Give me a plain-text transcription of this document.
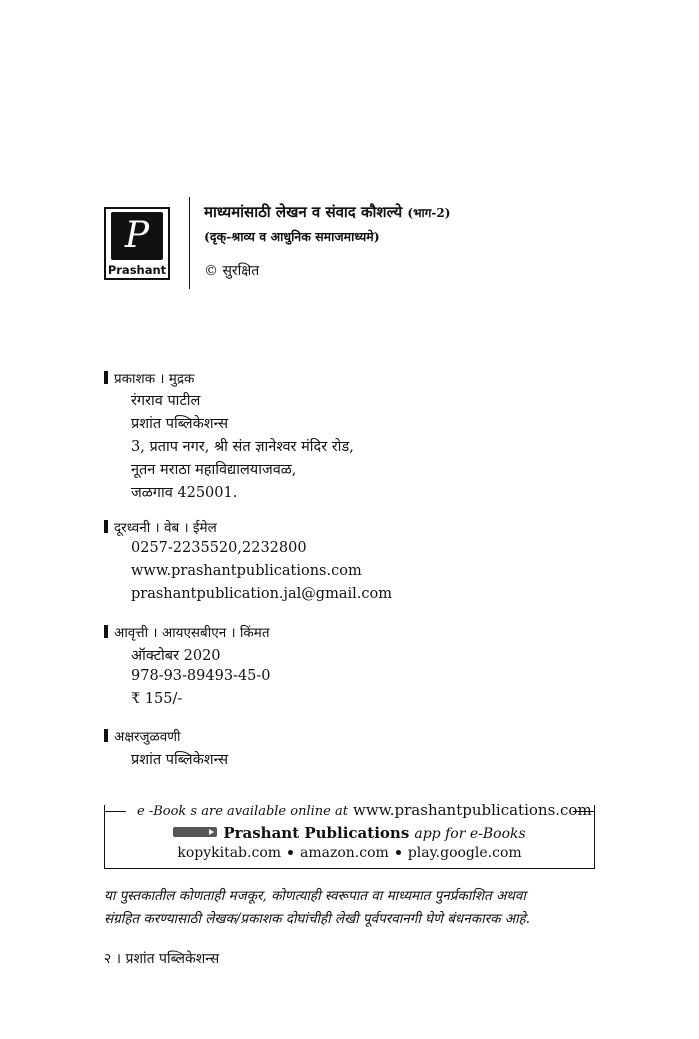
P
Prashant
माध्यमांसाठी लेखन व संवाद कौशल्ये (भाग-2)
(दृक्-श्राव्य व आधुनिक समाजमाध्यमे)
© सुरक्षित
प्रकाशक । मुद्रक
रंगराव पाटील
प्रशांत पब्लिकेशन्स
3, प्रताप नगर, श्री संत ज्ञानेश्वर मंदिर रोड,
नूतन मराठा महाविद्यालयाजवळ,
जळगाव 425001.
दूरध्वनी । वेब । ईमेल
0257-2235520,2232800
www.prashantpublications.com
prashantpublication.jal@gmail.com
आवृत्ती । आयएसबीएन । किंमत
ऑक्टोबर 2020
978-93-89493-45-0
₹ 155/-
अक्षरजुळवणी
प्रशांत पब्लिकेशन्स
e -Book s are available online at www.prashantpublications.com
Prashant Publications app for e-Books
kopykitab.com amazon.com play.google.com
या पुस्तकातील कोणताही मजकूर, कोणत्याही स्वरूपात वा माध्यमात पुनर्प्रकाशित अथवा
संग्रहित करण्यासाठी लेखक/प्रकाशक दोघांचीही लेखी पूर्वपरवानगी घेणे बंधनकारक आहे.
२ । प्रशांत पब्लिकेशन्स
